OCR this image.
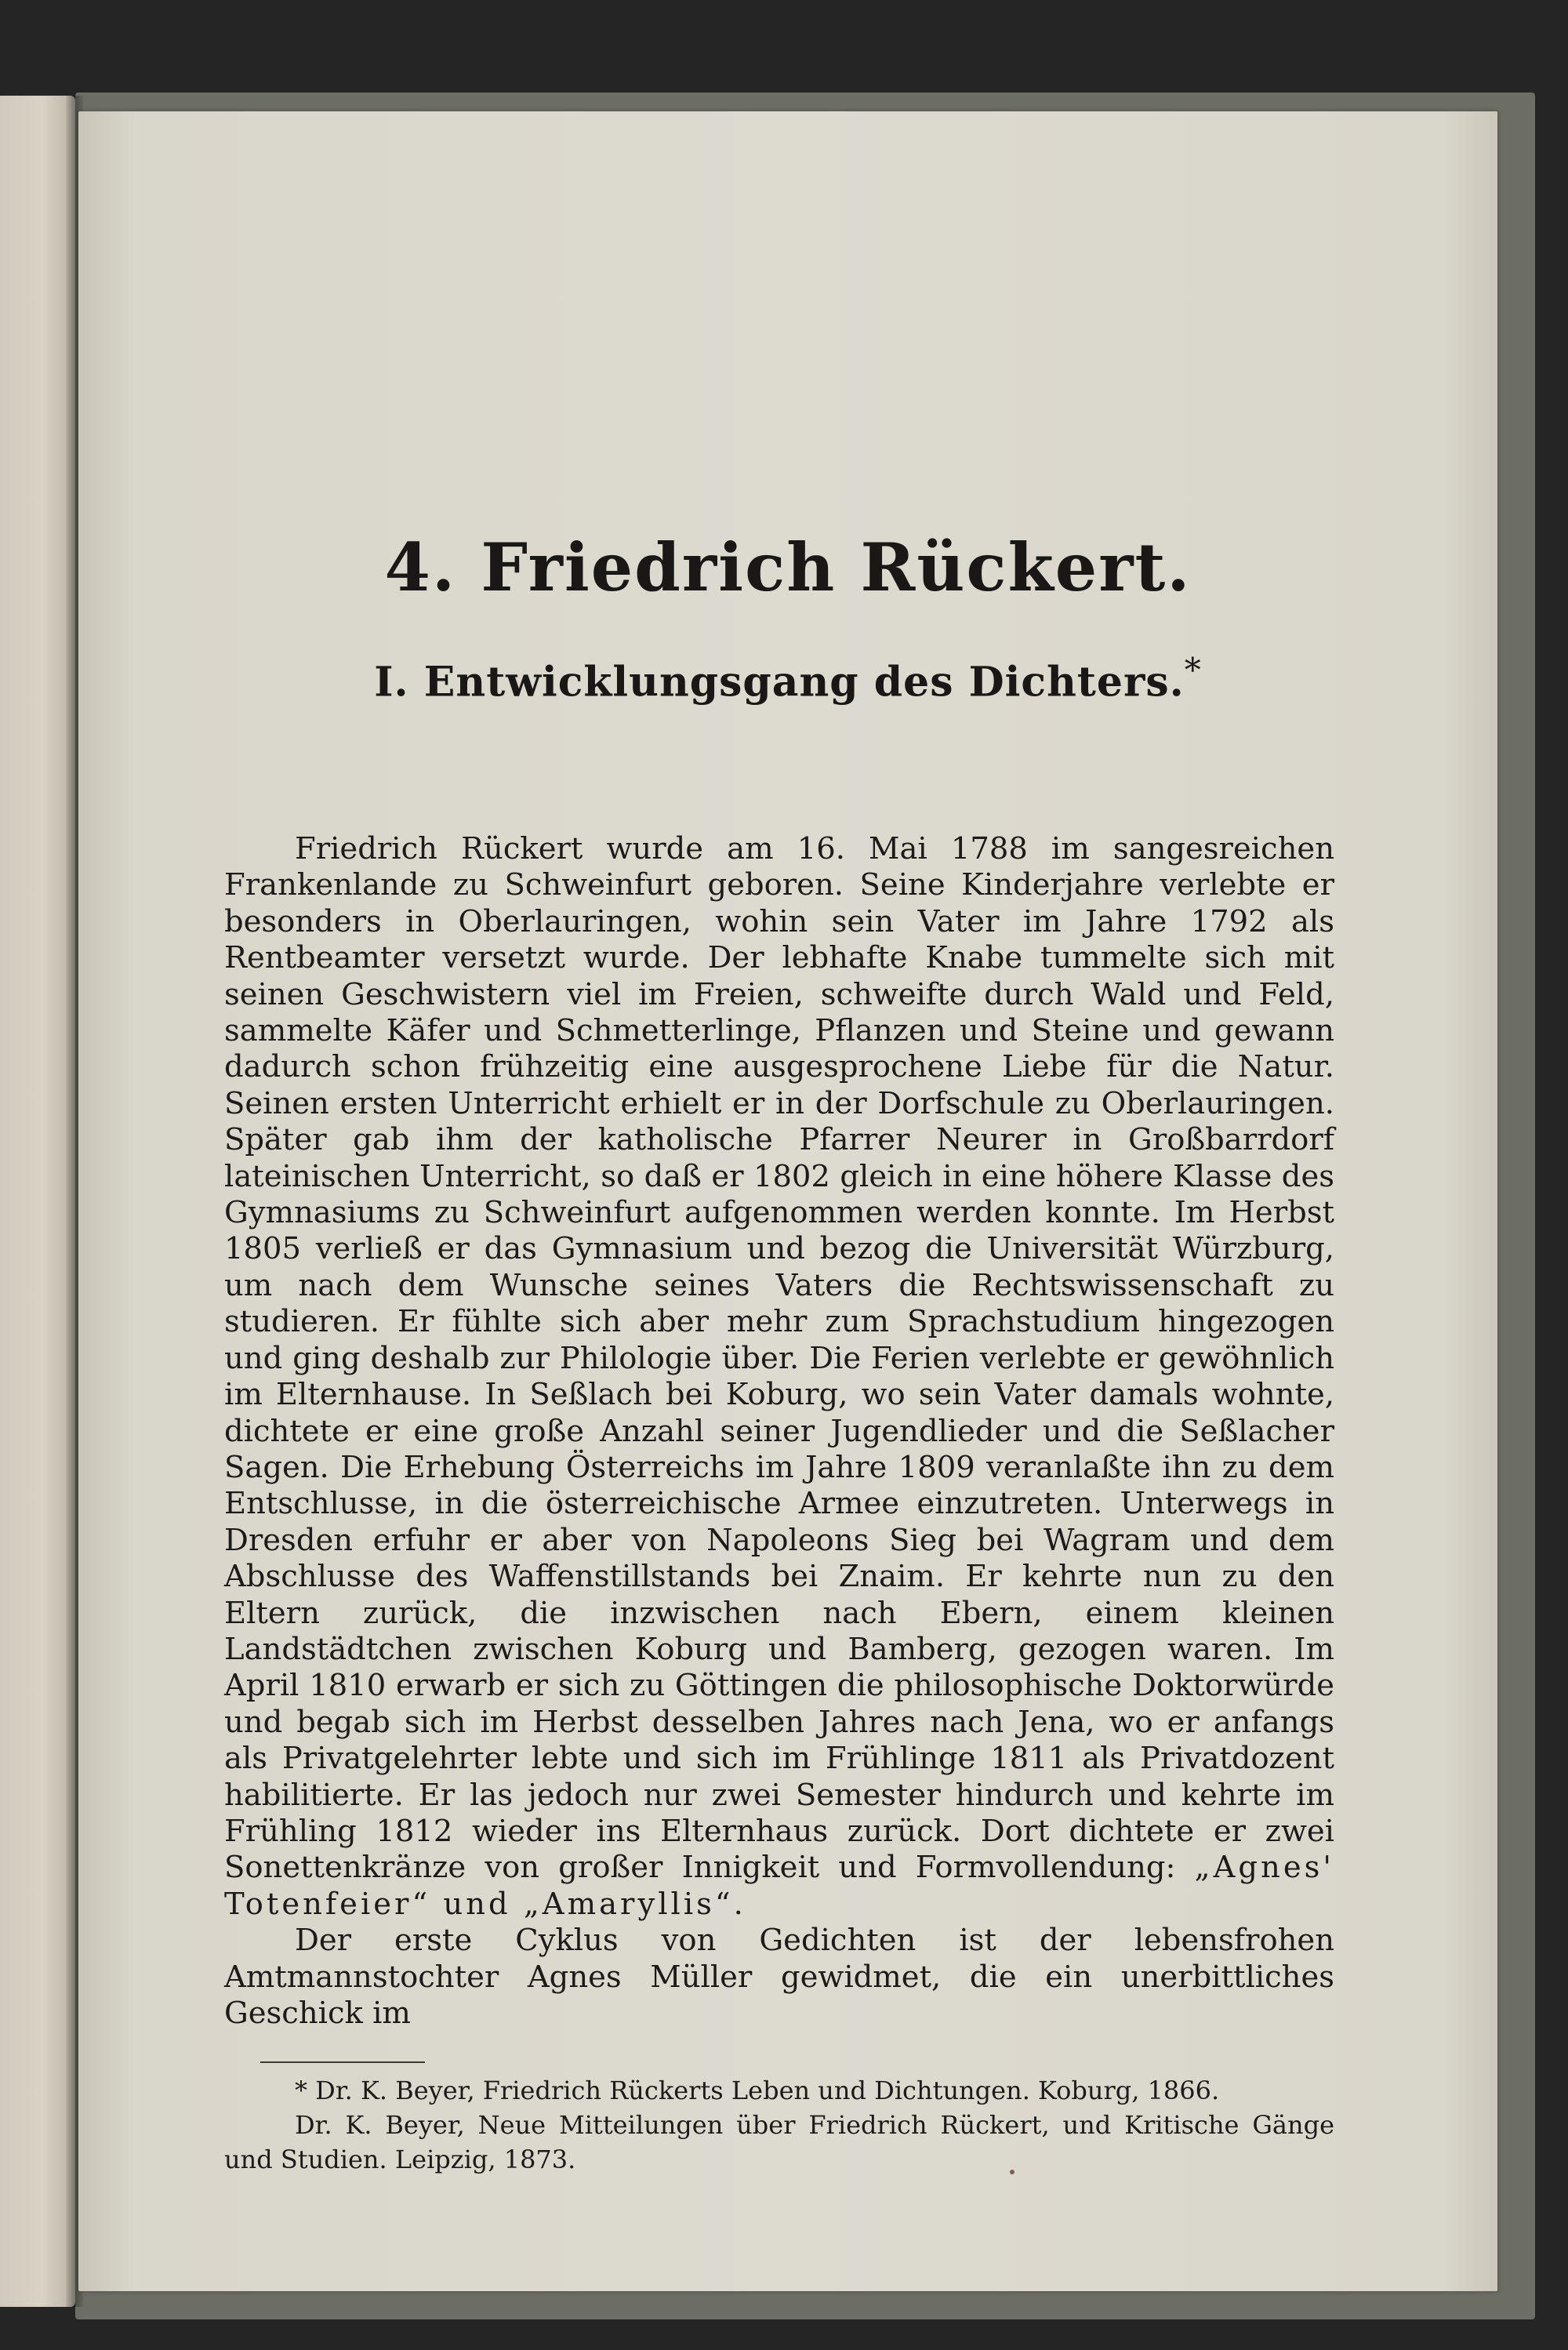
4. Friedrich Rückert.
I. Entwicklungsgang des Dichters.*

Friedrich Rückert wurde am 16. Mai 1788 im sangesreichen Frankenlande zu Schweinfurt geboren. Seine Kinderjahre verlebte er besonders in Oberlauringen, wohin sein Vater im Jahre 1792 als Rentbeamter versetzt wurde. Der lebhafte Knabe tummelte sich mit seinen Geschwistern viel im Freien, schweifte durch Wald und Feld, sammelte Käfer und Schmetterlinge, Pflanzen und Steine und gewann dadurch schon frühzeitig eine ausgesprochene Liebe für die Natur. Seinen ersten Unterricht erhielt er in der Dorfschule zu Oberlauringen. Später gab ihm der katholische Pfarrer Neurer in Großbarrdorf lateinischen Unterricht, so daß er 1802 gleich in eine höhere Klasse des Gymnasiums zu Schweinfurt aufgenommen werden konnte. Im Herbst 1805 verließ er das Gymnasium und bezog die Universität Würzburg, um nach dem Wunsche seines Vaters die Rechtswissenschaft zu studieren. Er fühlte sich aber mehr zum Sprachstudium hingezogen und ging deshalb zur Philologie über. Die Ferien verlebte er gewöhnlich im Elternhause. In Seßlach bei Koburg, wo sein Vater damals wohnte, dichtete er eine große Anzahl seiner Jugendlieder und die Seßlacher Sagen. Die Erhebung Österreichs im Jahre 1809 veranlaßte ihn zu dem Entschlusse, in die österreichische Armee einzutreten. Unterwegs in Dresden erfuhr er aber von Napoleons Sieg bei Wagram und dem Abschlusse des Waffenstillstands bei Znaim. Er kehrte nun zu den Eltern zurück, die inzwischen nach Ebern, einem kleinen Landstädtchen zwischen Koburg und Bamberg, gezogen waren. Im April 1810 erwarb er sich zu Göttingen die philosophische Doktorwürde und begab sich im Herbst desselben Jahres nach Jena, wo er anfangs als Privatgelehrter lebte und sich im Frühlinge 1811 als Privatdozent habilitierte. Er las jedoch nur zwei Semester hindurch und kehrte im Frühling 1812 wieder ins Elternhaus zurück. Dort dichtete er zwei Sonettenkränze von großer Innigkeit und Formvollendung: „Agnes' Totenfeier“ und „Amaryllis“.

Der erste Cyklus von Gedichten ist der lebensfrohen Amtmannstochter Agnes Müller gewidmet, die ein unerbittliches Geschick im

* Dr. K. Beyer, Friedrich Rückerts Leben und Dichtungen. Koburg, 1866.

Dr. K. Beyer, Neue Mitteilungen über Friedrich Rückert, und Kritische Gänge und Studien. Leipzig, 1873.
